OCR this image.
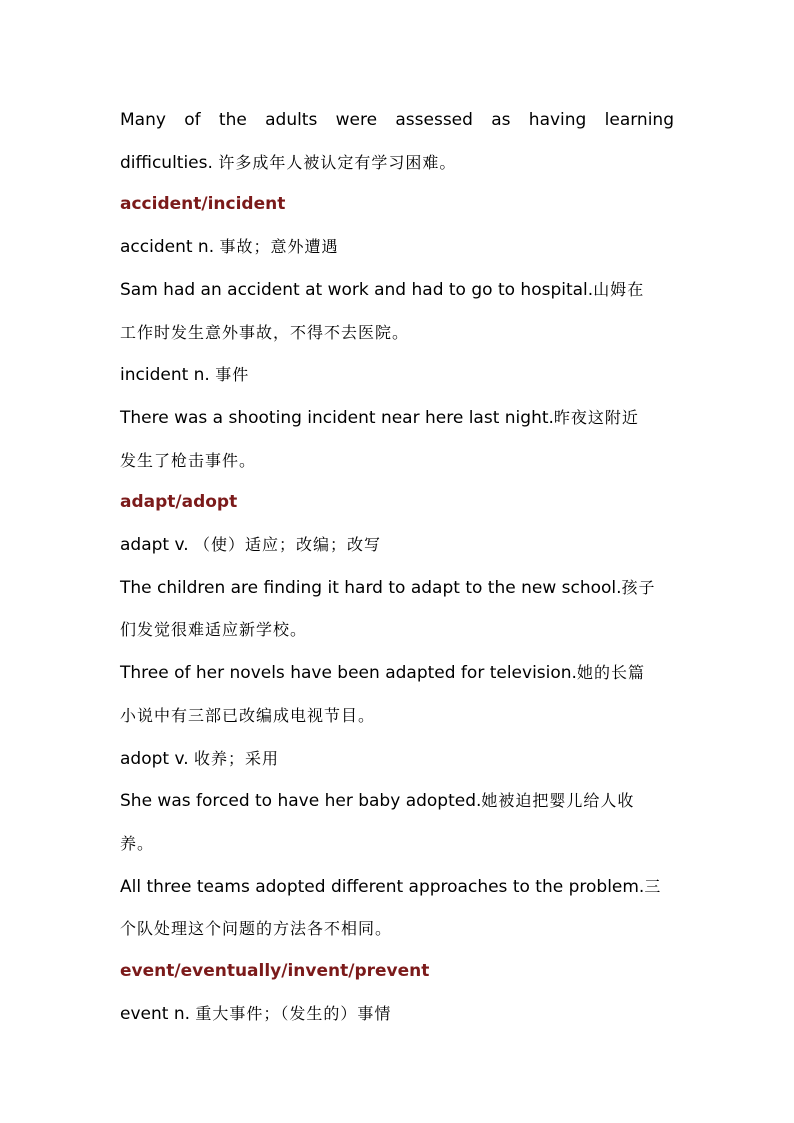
Many of the adults were assessed as having learning

difficulties. 许多成年人被认定有学习困难。

accident/incident

accident n. 事故；意外遭遇

Sam had an accident at work and had to go to hospital.山姆在

工作时发生意外事故，不得不去医院。

incident n. 事件

There was a shooting incident near here last night.昨夜这附近

发生了枪击事件。

adapt/adopt

adapt v. （使）适应；改编；改写

The children are finding it hard to adapt to the new school.孩子

们发觉很难适应新学校。

Three of her novels have been adapted for television.她的长篇

小说中有三部已改编成电视节目。

adopt v. 收养；采用

She was forced to have her baby adopted.她被迫把婴儿给人收

养。

All three teams adopted different approaches to the problem.三

个队处理这个问题的方法各不相同。

event/eventually/invent/prevent

event n. 重大事件；（发生的）事情
